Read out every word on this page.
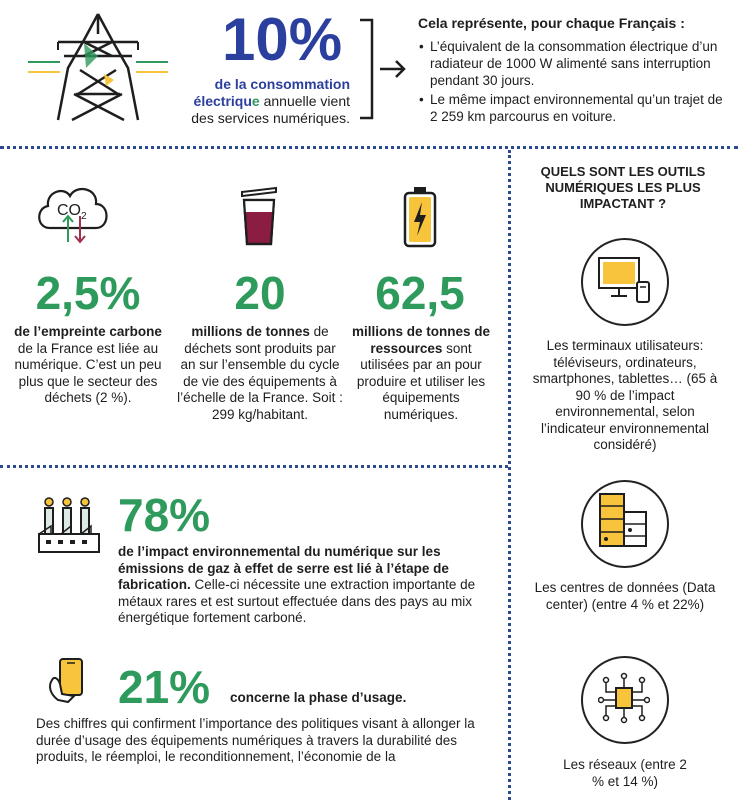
10%
de la consommation
électrique annuelle vient
des services numériques.
Cela représente, pour chaque Français :
• L’équivalent de la consommation électrique d’un radiateur de 1000 W alimenté sans interruption pendant 30 jours.
• Le même impact environnemental qu’un trajet de 2 259 km parcourus en voiture.
$CO_2$
2,5%
de l’empreinte carbone de la France est liée au numérique. C’est un peu plus que le secteur des déchets (2 %).
20
millions de tonnes de déchets sont produits par an sur l’ensemble du cycle de vie des équipements à l’échelle de la France. Soit : 299 kg/habitant.
62,5
millions de tonnes de ressources sont utilisées par an pour produire et utiliser les équipements numériques.
78%
de l’impact environnemental du numérique sur les émissions de gaz à effet de serre est lié à l’étape de fabrication. Celle-ci nécessite une extraction importante de métaux rares et est surtout effectuée dans des pays au mix énergétique fortement carboné.
21% concerne la phase d’usage.
Des chiffres qui confirment l’importance des politiques visant à allonger la durée d’usage des équipements numériques à travers la durabilité des produits, le réemploi, le reconditionnement, l’économie de la
QUELS SONT LES OUTILS NUMÉRIQUES LES PLUS IMPACTANT ?
Les terminaux utilisateurs: téléviseurs, ordinateurs, smartphones, tablettes… (65 à 90 % de l’impact environnemental, selon l’indicateur environnemental considéré)
Les centres de données (Data center) (entre 4 % et 22%)
Les réseaux (entre 2 % et 14 %)
